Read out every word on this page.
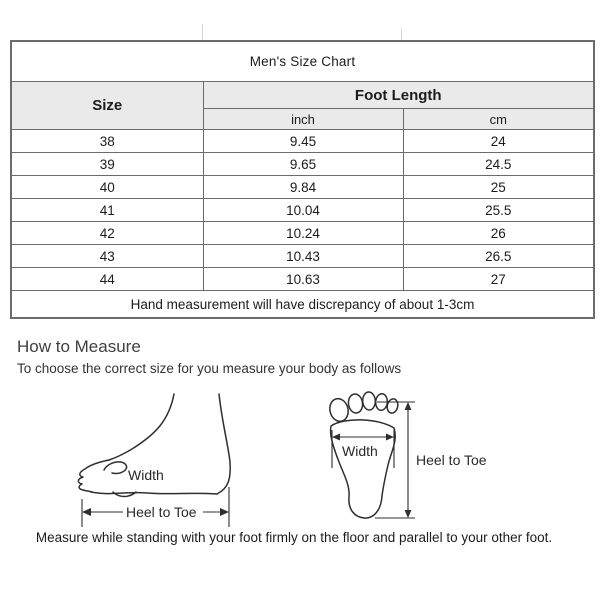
Men's Size Chart		
Size	Foot Length	
	inch	cm
38	9.45	24
39	9.65	24.5
40	9.84	25
41	10.04	25.5
42	10.24	26
43	10.43	26.5
44	10.63	27
Hand measurement will have discrepancy of about 1-3cm		
How to Measure
To choose the correct size for you measure your body as follows
Width
Heel to Toe
Width
Heel to Toe
Measure while standing with your foot firmly on the floor and parallel to your other foot.
